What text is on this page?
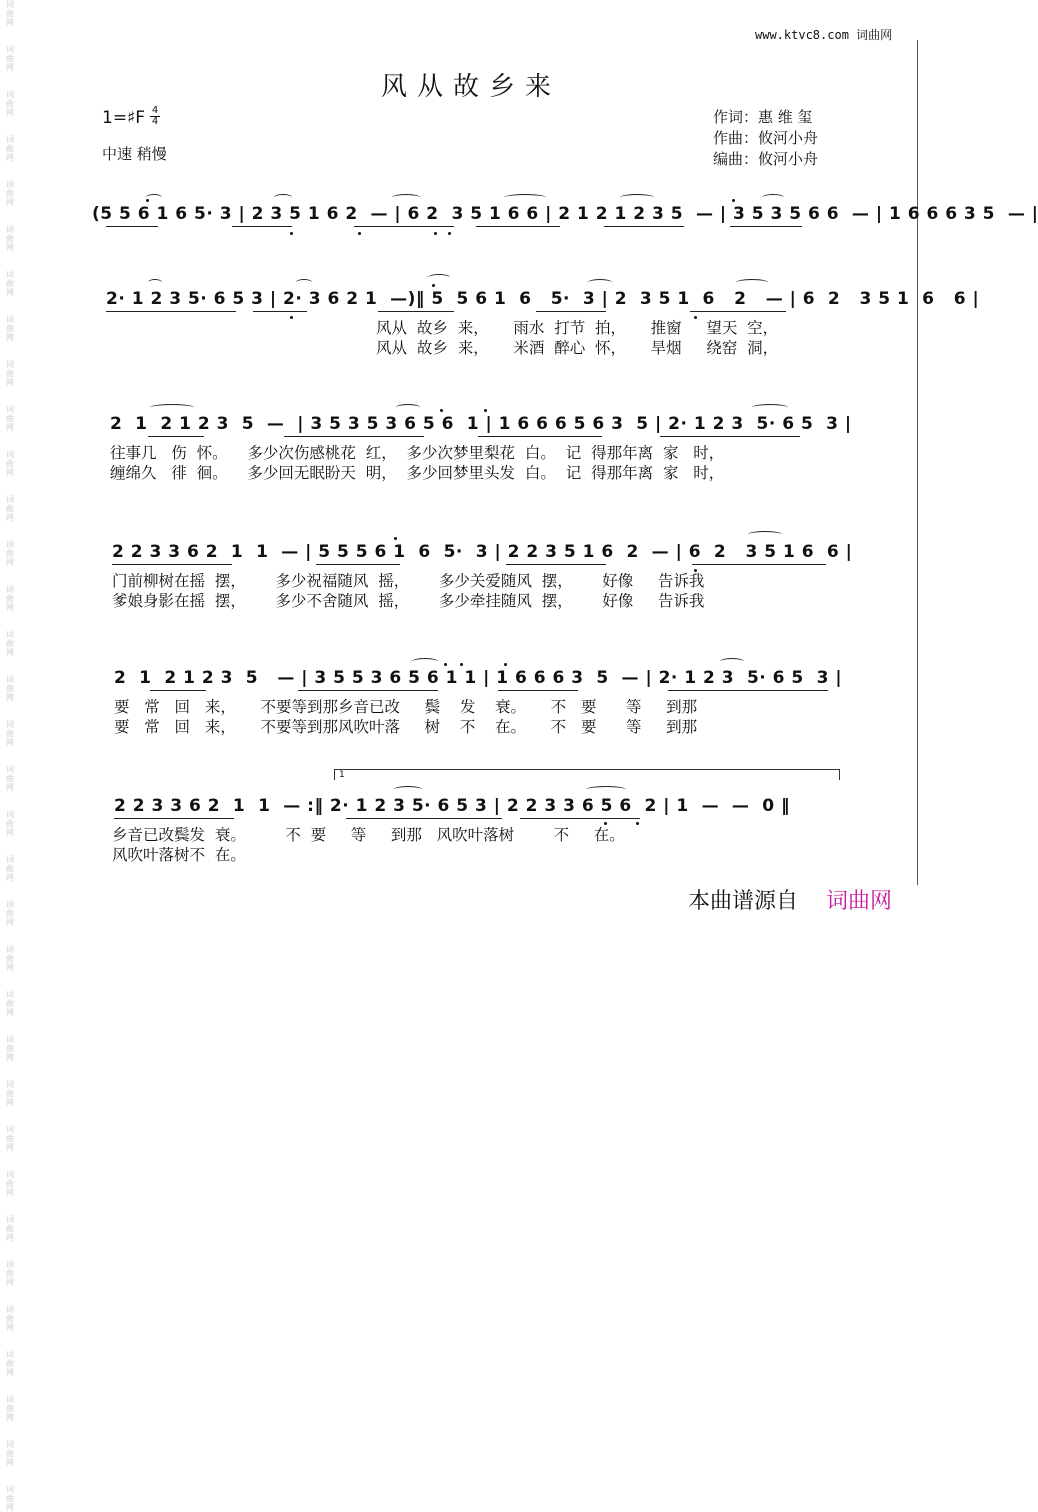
词
曲
网

词
曲
网

词
曲
网

词
曲
网

词
曲
网

词
曲
网

词
曲
网

词
曲
网

词
曲
网

词
曲
网

词
曲
网

词
曲
网

词
曲
网

词
曲
网

词
曲
网

词
曲
网

词
曲
网

词
曲
网

词
曲
网

词
曲
网

词
曲
网

词
曲
网

词
曲
网

词
曲
网

词
曲
网

词
曲
网

词
曲
网

词
曲
网

词
曲
网

词
曲
网

词
曲
网

词
曲
网

词
曲
网

词
曲
网

www.ktvc8.com 词曲网
风从故乡来
1=♯F 4
4
中速 稍慢
作词：惠 维 玺
作曲：攸河小舟
编曲：攸河小舟
(5 5 6 1 6 5· 3 | 2 3 5 1 6 2  — | 6 2  3 5 1 6 6 | 2 1 2 1 2 3 5  — | 3 5 3 5 6 6  — | 1 6 6 6 3 5  — |
2· 1 2 3 5· 6 5 3 | 2· 3 6 2 1  —)‖ 5  5 6 1  6   5·  3 | 2  3 5 1  6   2   — | 6  2   3 5 1  6   6 |
风从  故乡  来，     雨水  打节  拍，     推窗     望天  空，
风从  故乡  来，     米酒  醉心  怀，     旱烟     绕窑  洞，
2  1  2 1 2 3  5  —  | 3 5 3 5 3 6 5 6  1 | 1 6 6 6 5 6 3  5 | 2· 1 2 3  5· 6 5  3 |
往事几   伤  怀。    多少次伤感桃花  红，  多少次梦里梨花  白。  记  得那年离  家   时，
缠绵久   徘  徊。    多少回无眠盼天  明，  多少回梦里头发  白。  记  得那年离  家   时，
2 2 3 3 6 2  1  1  — | 5 5 5 6 1  6  5·  3 | 2 2 3 5 1 6  2  — | 6  2   3 5 1 6  6 |
门前柳树在摇  摆，      多少祝福随风  摇，      多少关爱随风  摆，      好像     告诉我
爹娘身影在摇  摆，      多少不舍随风  摇，      多少牵挂随风  摆，      好像     告诉我
2  1  2 1 2 3  5   — | 3 5 5 3 6 5 6 1 1 | 1 6 6 6 3  5  — | 2· 1 2 3  5· 6 5  3 |
要   常   回   来，     不要等到那乡音已改     鬓    发    衰。     不   要      等     到那
要   常   回   来，     不要等到那风吹叶落     树    不    在。     不   要      等     到那
1
2 2 3 3 6 2  1  1  — :‖ 2· 1 2 3 5· 6 5 3 | 2 2 3 3 6 5 6  2 | 1  —  —  0 ‖
乡音已改鬓发  衰。        不  要     等     到那   风吹叶落树        不     在。
风吹叶落树不  在。
本曲谱源自 词曲网
